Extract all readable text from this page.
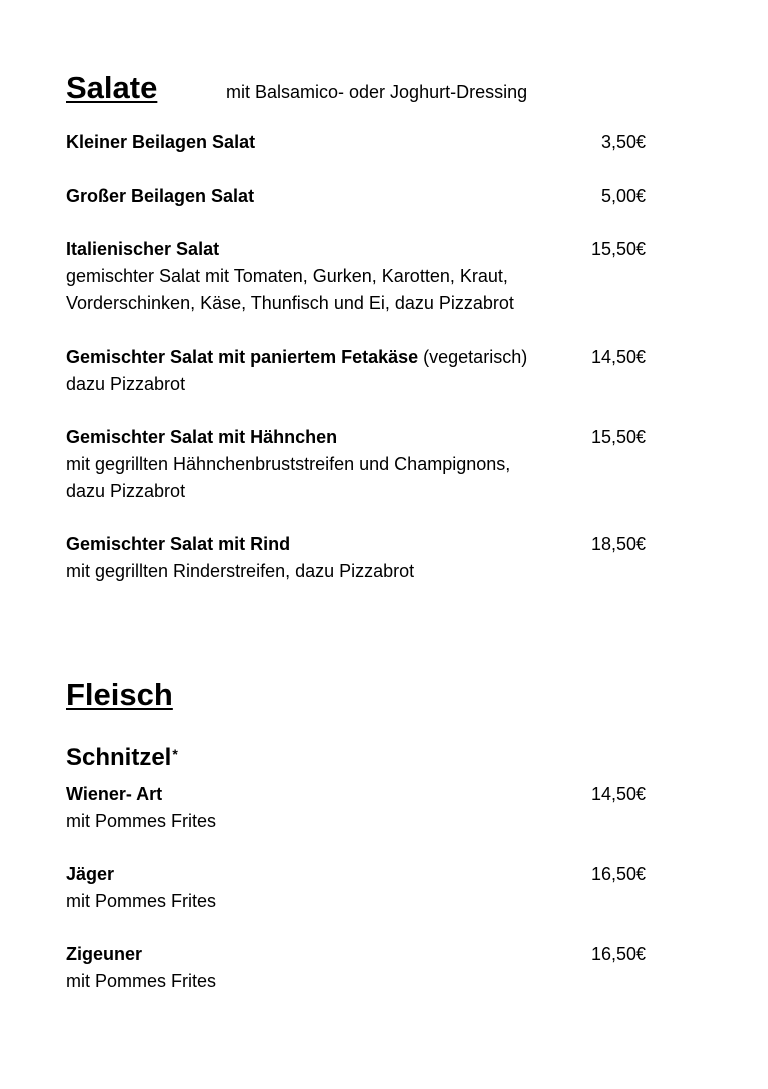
Salate	mit Balsamico- oder Joghurt-Dressing
Kleiner Beilagen Salat	3,50€
Großer Beilagen Salat	5,00€
Italienischer Salat	15,50€
gemischter Salat mit Tomaten, Gurken, Karotten, Kraut,
Vorderschinken, Käse, Thunfisch und Ei, dazu Pizzabrot
Gemischter Salat mit paniertem Fetakäse (vegetarisch)	14,50€
dazu Pizzabrot
Gemischter Salat mit Hähnchen	15,50€
mit gegrillten Hähnchenbruststreifen und Champignons,
dazu Pizzabrot
Gemischter Salat mit Rind	18,50€
mit gegrillten Rinderstreifen, dazu Pizzabrot
Fleisch
Schnitzel*
Wiener- Art	14,50€
mit Pommes Frites
Jäger	16,50€
mit Pommes Frites
Zigeuner	16,50€
mit Pommes Frites
